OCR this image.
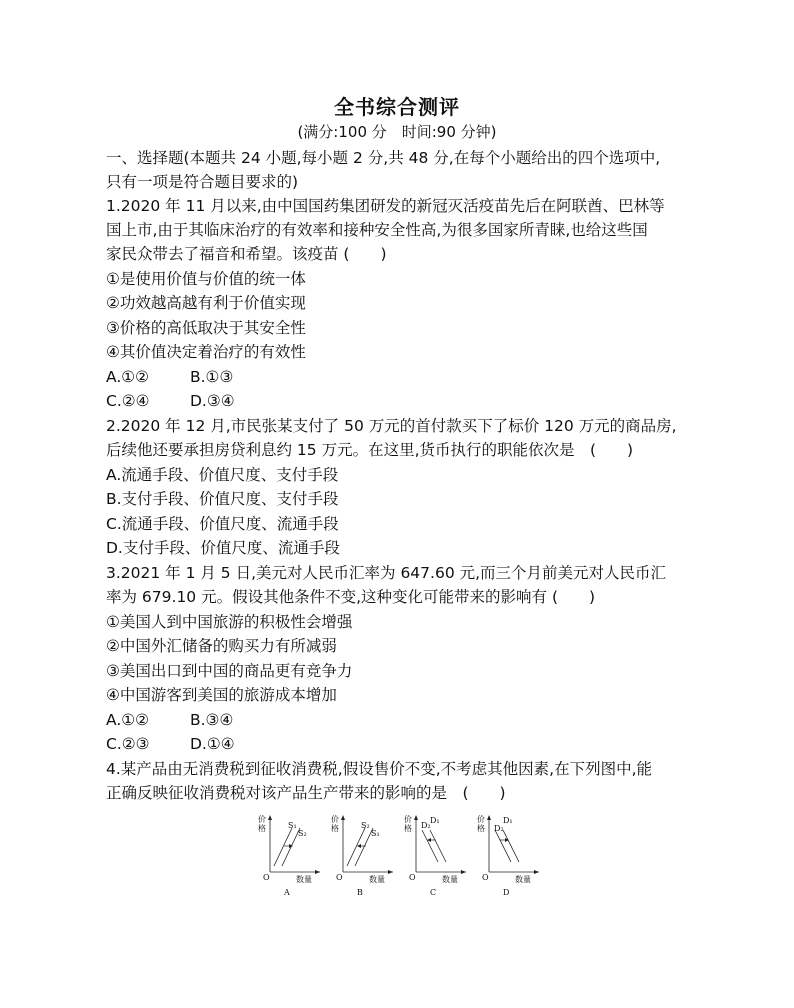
全书综合测评
(满分:100 分　时间:90 分钟)
一、选择题(本题共 24 小题,每小题 2 分,共 48 分,在每个小题给出的四个选项中,
只有一项是符合题目要求的)
1.2020 年 11 月以来,由中国国药集团研发的新冠灭活疫苗先后在阿联酋、巴林等
国上市,由于其临床治疗的有效率和接种安全性高,为很多国家所青睐,也给这些国
家民众带去了福音和希望。该疫苗 (　　)
①是使用价值与价值的统一体
②功效越高越有利于价值实现
③价格的高低取决于其安全性
④其价值决定着治疗的有效性
A.①②	B.①③
C.②④	D.③④
2.2020 年 12 月,市民张某支付了 50 万元的首付款买下了标价 120 万元的商品房,
后续他还要承担房贷利息约 15 万元。在这里,货币执行的职能依次是　(　　)
A.流通手段、价值尺度、支付手段
B.支付手段、价值尺度、支付手段
C.流通手段、价值尺度、流通手段
D.支付手段、价值尺度、流通手段
3.2021 年 1 月 5 日,美元对人民币汇率为 647.60 元,而三个月前美元对人民币汇
率为 679.10 元。假设其他条件不变,这种变化可能带来的影响有 (　　)
①美国人到中国旅游的积极性会增强
②中国外汇储备的购买力有所减弱
③美国出口到中国的商品更有竞争力
④中国游客到美国的旅游成本增加
A.①②	B.③④
C.②③	D.①④
4.某产品由无消费税到征收消费税,假设售价不变,不考虑其他因素,在下列图中,能
正确反映征收消费税对该产品生产带来的影响的是　(　　)
价格
数量
O
S₁
S₂
A
价格
数量
O
S₂
S₁
B
价格
数量
O
D₂
D₁
C
价格
数量
O
D₁
D₂
D
